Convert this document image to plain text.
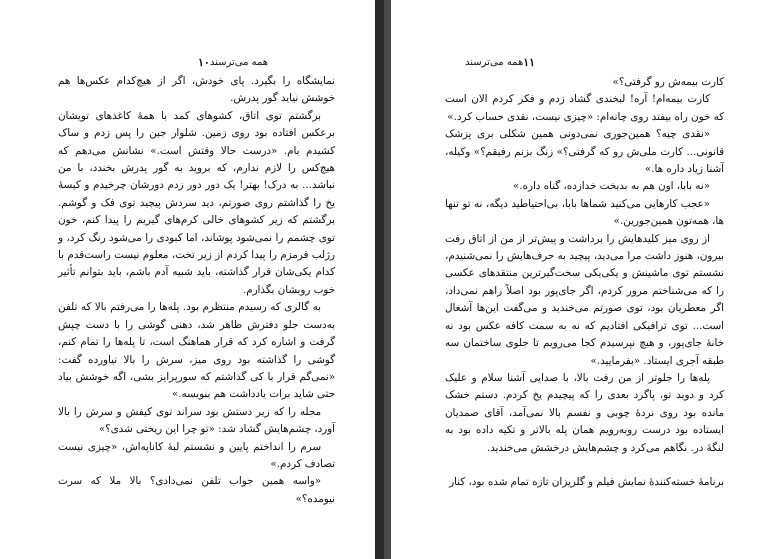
همه می‌ترسند
١٠

نمایشگاه را بگیرد. پای خودش، اگر از هیچ‌کدام عکس‌ها هم خوشش نیاید گور پدرش.

برگشتم توی اتاق، کشوهای کمد با همهٔ کاغذهای تویشان برعکس افتاده بود روی زمین. شلوار جین را پس زدم و ساک کشیدم بام. «درست حالا وقتش است.» نشانش می‌دهم که هیچ‌کس را لازم ندارم، که بروید به گور پدرش بخندد، با من نباشد... به درک! بهتر! یک دور دور زدم دورشان چرخیدم و کیسهٔ یخ را گذاشتم روی صورتم، دید سردش پیچید توی فک و گوشم. برگشتم که زیر کشوهای خالی کرم‌های گیریم را پیدا کنم، خون توی چشمم را نمی‌شود پوشاند، اما کبودی را می‌شود رنگ کرد، و رژلب قرمزم را پیدا کردم از زیر تخت، معلوم نیست راست‌قدم با کدام یکی‌شان قرار گذاشته، باید شبیه آدم باشم، باید بتوانم تأثیر خوب روبشان بگذارم.

به گالری که رسیدم منتظرم بود. پله‌ها را می‌رفتم بالا که تلفن به‌دست جلو دفترش ظاهر شد، دهنی گوشی را با دست چپش گرفت و اشاره کرد که قرار هماهنگ است، تا پله‌ها را تمام کنم، گوشی را گذاشته بود روی میز، سرش را بالا نیاورده گفت: «نمی‌گم قرار با کی گذاشتم که سورپرایز بشی، اگه خوشش بیاد حتی شاید برات یادداشت هم بنویسه.»

مجله را که زیر دستش بود سراند توی کیفش و سرش را بالا آورد، چشم‌هایش گشاد شد: «تو چرا این ریختی شدی؟»

سرم را انداختم پایین و نشستم لبهٔ کاناپه‌اش، «چیزی نیست تصادف کردم.»

«واسه همین جواب تلفن نمی‌دادی؟ بالا ملا که سرت نیومده؟»

١١
همه می‌ترسند

کارت بیمه‌ش رو گرفتی؟»

کارت بیمه‌ام! آره! لبخندی گشاد زدم و فکر کردم الان است که خون راه بیفتد روی چانه‌ام: «چیزی نیست، نقدی حساب کرد.»

«نقدی چیه؟ همین‌جوری نمی‌دونی همین شکلی بری پزشک قانونی... کارت ملی‌ش رو که گرفتی؟» زنگ بزنم رفیقم؟» وکیله، آشنا زیاد داره ها.»

«نه بابا، اون هم به بدبخت خدازده، گناه داره.»

«عجب کارهایی می‌کنید شماها بابا، بی‌احتیاطید دیگه، نه تو تنها ها، همه‌تون همین‌جورین.»

از روی میز کلیدهایش را برداشت و پیش‌تر از من از اتاق رفت بیرون، هنوز داشت مرا می‌دید، پیچید به حرف‌هایش را نمی‌شنیدم، نشستم توی ماشینش و یکی‌یکی سخت‌گیرترین منتقدهای عکسی را که می‌شناختم مرور کردم، اگر جای‌پور بود اصلاً راهم نمی‌داد، اگر معطریان بود، توی صورتم می‌خندید و می‌گفت این‌ها آشغال است... توی ترافیکی افتادیم که نه به سمت کافه عکس بود نه خانهٔ جای‌پور، و هیچ نپرسیدم کجا می‌رویم تا جلوی ساختمان سه طبقه آجری ایستاد. «بفرمایید.»

پله‌ها را جلوتر از من رفت بالا، با صدایی آشنا سلام و علیک کرد و دوید تو، پاگرد بعدی را که پیچیدم یخ کردم. دستم خشک مانده بود روی نردهٔ چوبی و نفسم بالا نمی‌آمد، آقای صمدیان ایستاده بود درست روبه‌رویم همان پله بالاتر و تکیه داده بود به لنگهٔ در. نگاهم می‌کرد و چشم‌هایش درخشش می‌خندید.

برنامهٔ خسته‌کنندهٔ نمایش فیلم و گلریزان تازه تمام شده بود، کنار
